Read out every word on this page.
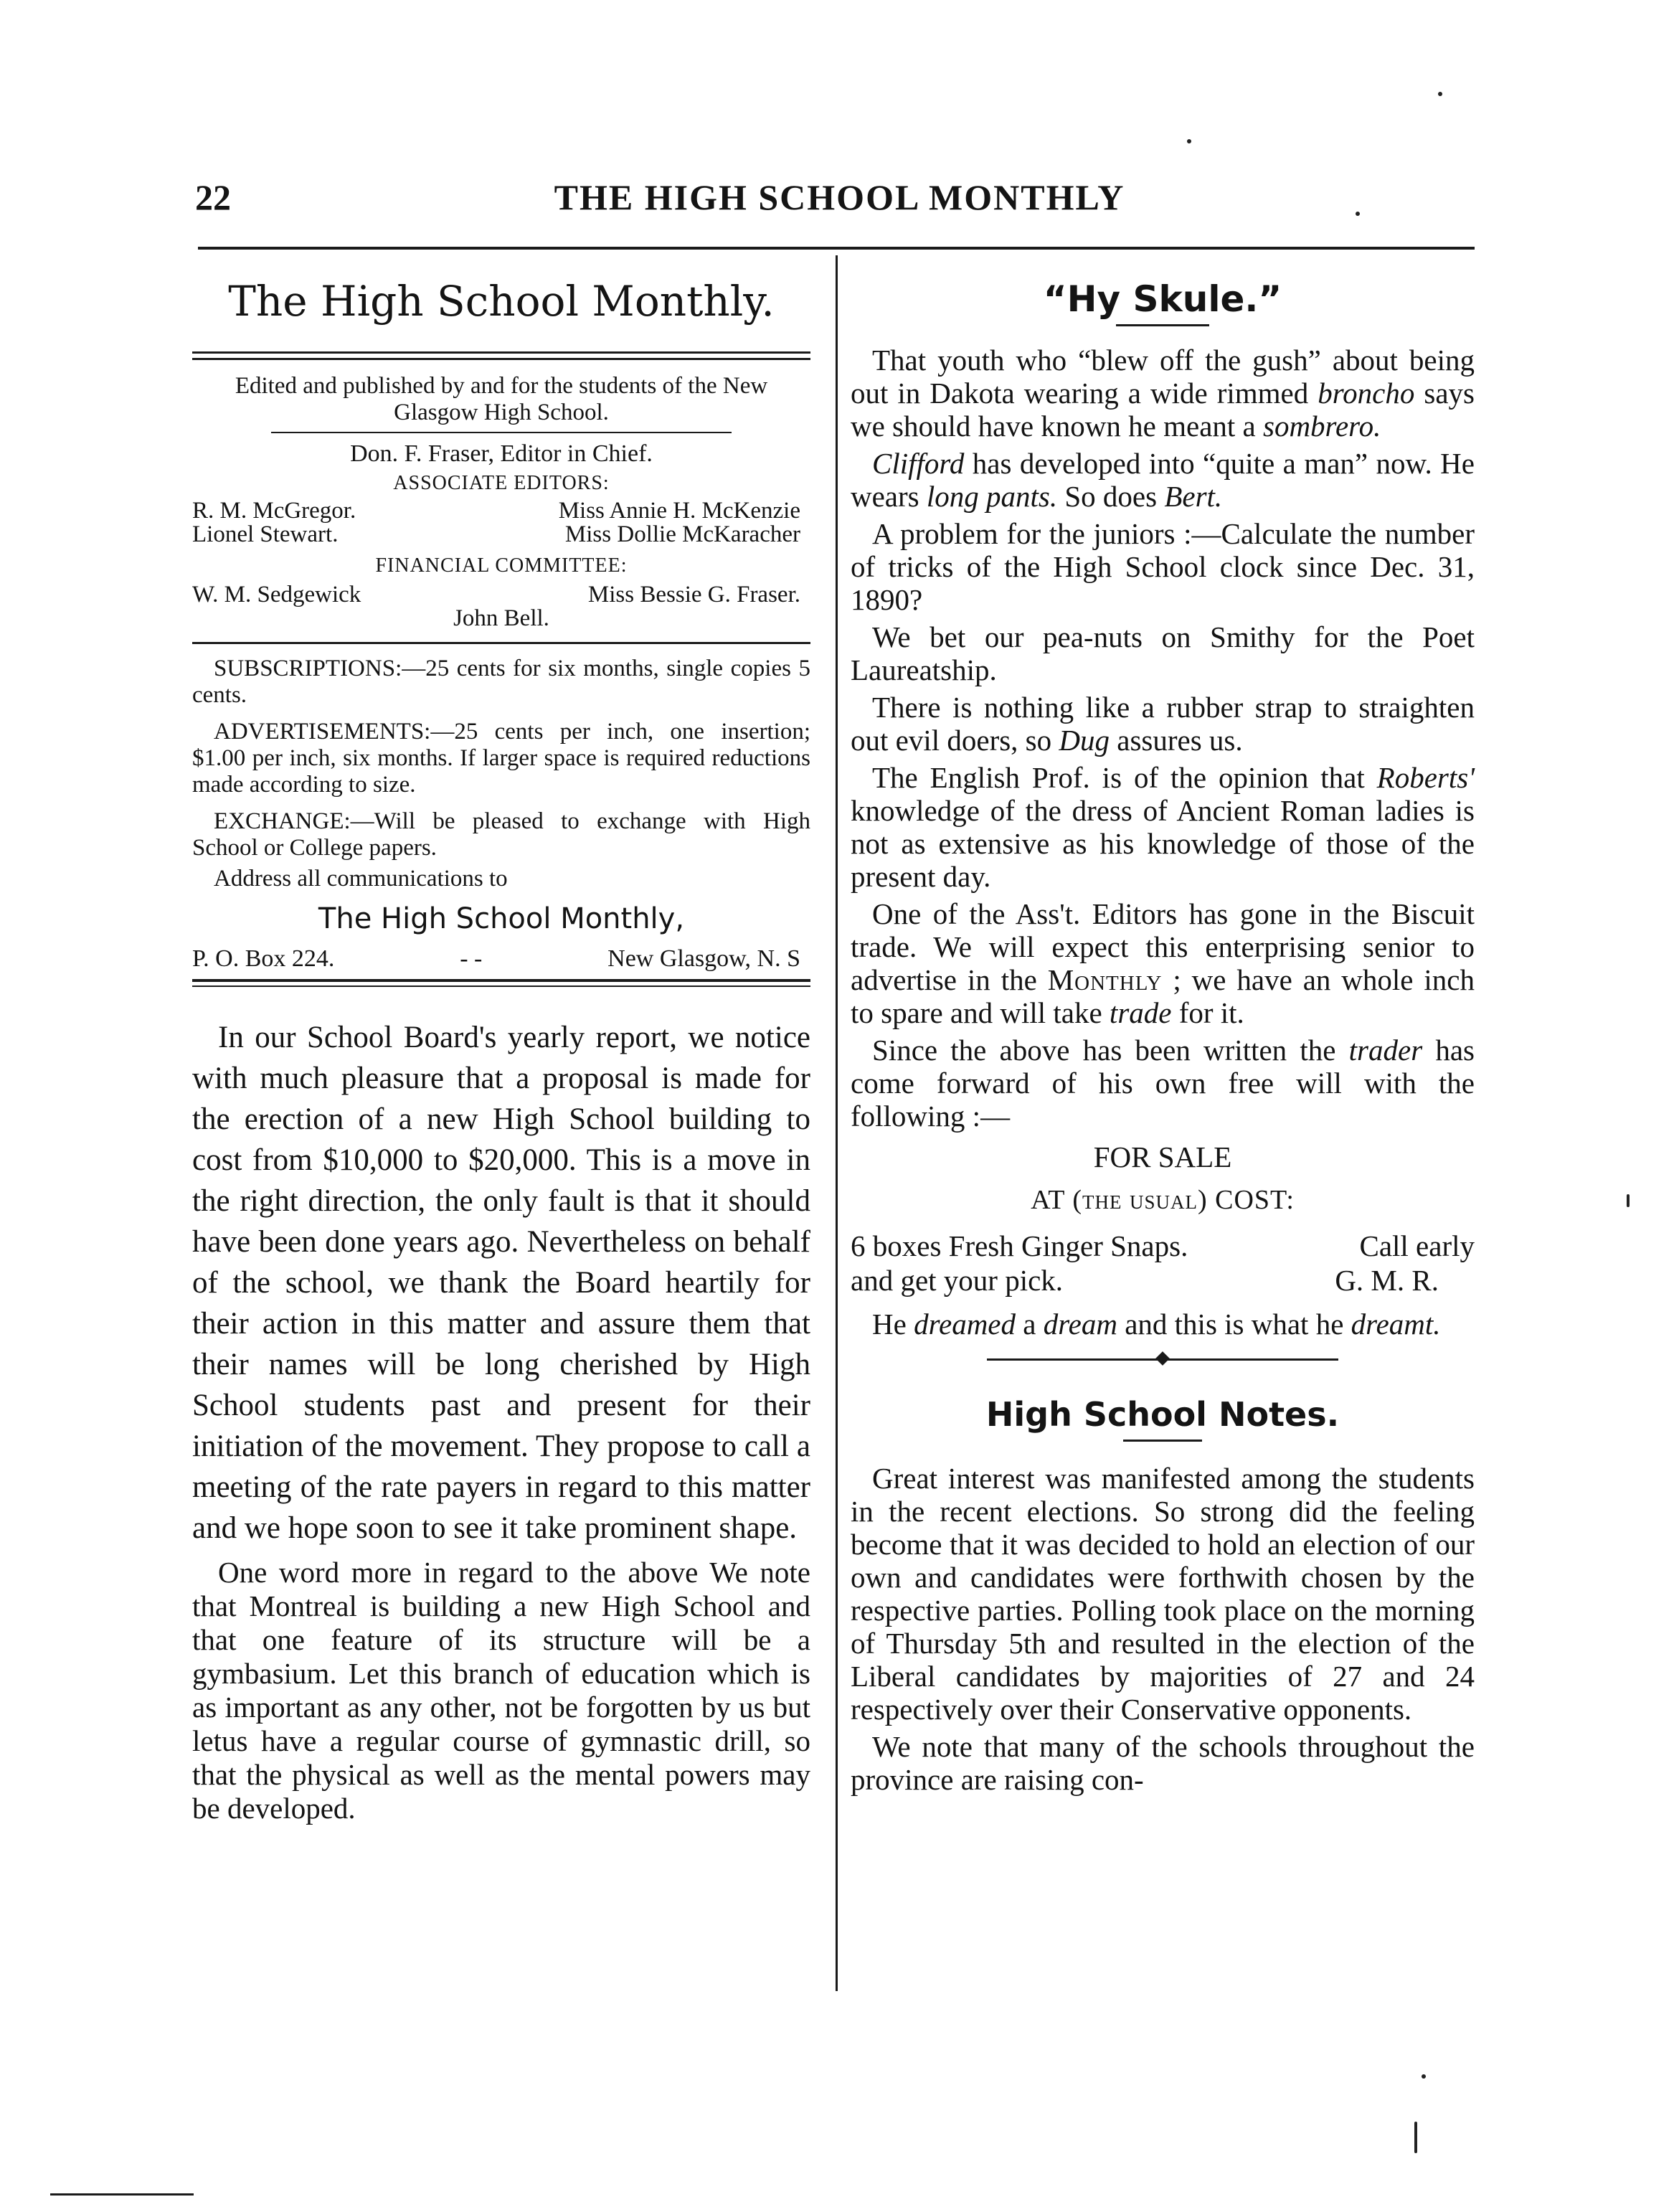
22	THE HIGH SCHOOL MONTHLY
The High School Monthly.
Edited and published by and for the students of the New Glasgow High School.
Don. F. Fraser, Editor in Chief.
ASSOCIATE EDITORS:
R. M. McGregor.	Miss Annie H. McKenzie
Lionel Stewart.	Miss Dollie McKaracher
FINANCIAL COMMITTEE:
W. M. Sedgewick	Miss Bessie G. Fraser.
John Bell.
SUBSCRIPTIONS:—25 cents for six months, single copies 5 cents.
ADVERTISEMENTS:—25 cents per inch, one insertion; $1.00 per inch, six months. If larger space is required reductions made according to size.
EXCHANGE:—Will be pleased to exchange with High School or College papers.
Address all communications to
The High School Monthly,
P. O. Box 224.	- -	New Glasgow, N. S

In our School Board's yearly report, we notice with much pleasure that a proposal is made for the erection of a new High School building to cost from $10,000 to $20,000. This is a move in the right direction, the only fault is that it should have been done years ago. Nevertheless on behalf of the school, we thank the Board heartily for their action in this matter and assure them that their names will be long cherished by High School students past and present for their initiation of the movement. They propose to call a meeting of the rate payers in regard to this matter and we hope soon to see it take prominent shape.

One word more in regard to the above We note that Montreal is building a new High School and that one feature of its structure will be a gymbasium. Let this branch of education which is as important as any other, not be forgotten by us but letus have a regular course of gymnastic drill, so that the physical as well as the mental powers may be developed.

“Hy Skule.”

That youth who “blew off the gush” about being out in Dakota wearing a wide rimmed broncho says we should have known he meant a sombrero.

Clifford has developed into “quite a man” now. He wears long pants. So does Bert.

A problem for the juniors :—Calculate the number of tricks of the High School clock since Dec. 31, 1890?

We bet our pea-nuts on Smithy for the Poet Laureatship.

There is nothing like a rubber strap to straighten out evil doers, so Dug assures us.

The English Prof. is of the opinion that Roberts' knowledge of the dress of Ancient Roman ladies is not as extensive as his knowledge of those of the present day.

One of the Ass't. Editors has gone in the Biscuit trade. We will expect this enterprising senior to advertise in the Monthly ; we have an whole inch to spare and will take trade for it.

Since the above has been written the trader has come forward of his own free will with the following :—

FOR SALE
AT (the usual) COST:
6 boxes Fresh Ginger Snaps.	Call early
and get your pick.	G. M. R.

He dreamed a dream and this is what he dreamt.

High School Notes.

Great interest was manifested among the students in the recent elections. So strong did the feeling become that it was decided to hold an election of our own and candidates were forthwith chosen by the respective parties. Polling took place on the morning of Thursday 5th and resulted in the election of the Liberal candidates by majorities of 27 and 24 respectively over their Conservative opponents.

We note that many of the schools throughout the province are raising con-
